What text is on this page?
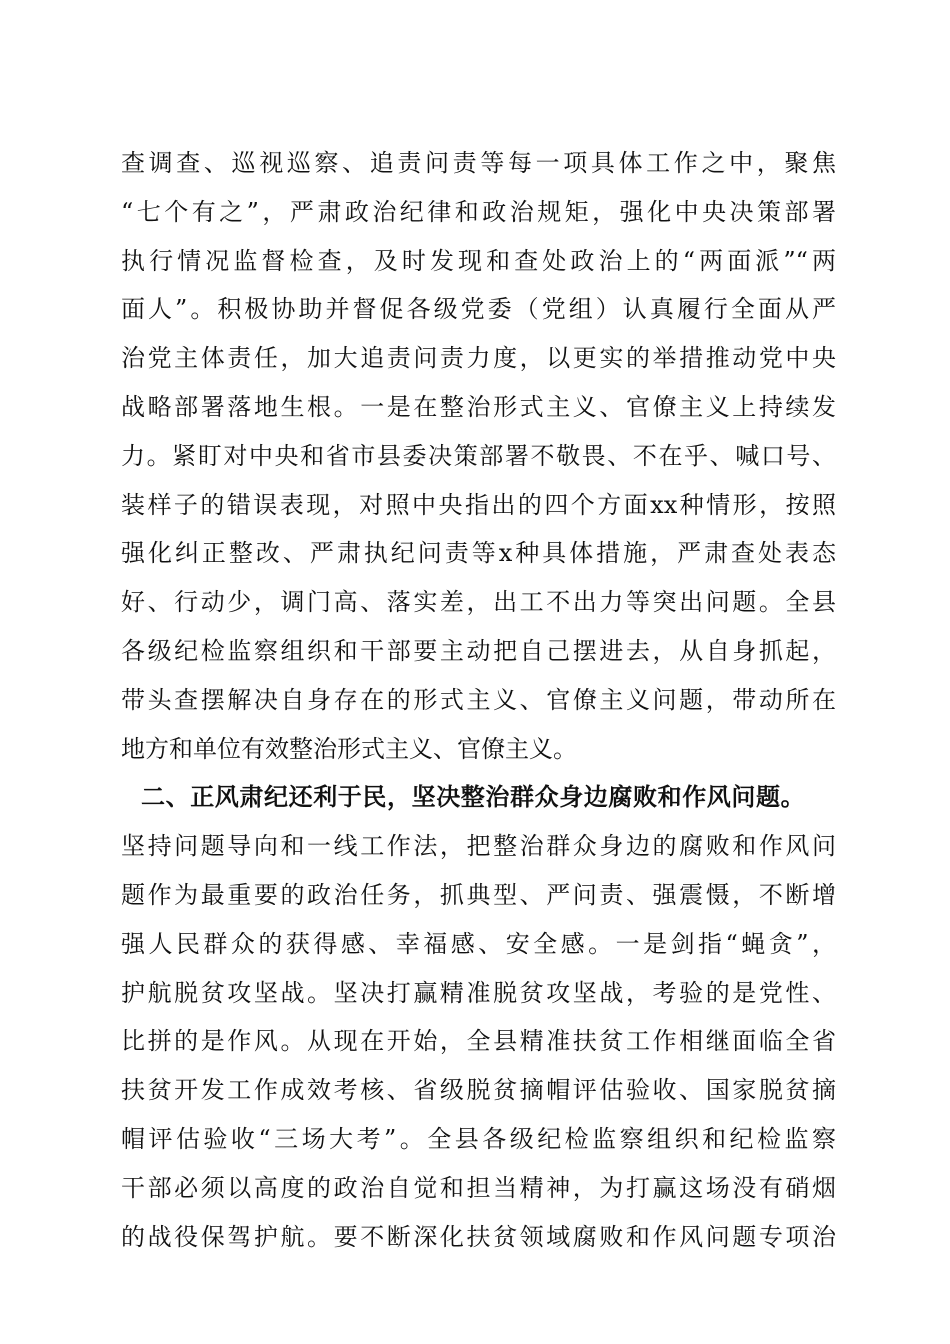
查调查、巡视巡察、追责问责等每一项具体工作之中，聚焦
“七个有之”，严肃政治纪律和政治规矩，强化中央决策部署
执行情况监督检查，及时发现和查处政治上的“两面派”“两
面人”。积极协助并督促各级党委（党组）认真履行全面从严
治党主体责任，加大追责问责力度，以更实的举措推动党中央
战略部署落地生根。一是在整治形式主义、官僚主义上持续发
力。紧盯对中央和省市县委决策部署不敬畏、不在乎、喊口号、
装样子的错误表现，对照中央指出的四个方面xx种情形，按照
强化纠正整改、严肃执纪问责等x种具体措施，严肃查处表态
好、行动少，调门高、落实差，出工不出力等突出问题。全县
各级纪检监察组织和干部要主动把自己摆进去，从自身抓起，
带头查摆解决自身存在的形式主义、官僚主义问题，带动所在
地方和单位有效整治形式主义、官僚主义。
二、正风肃纪还利于民，坚决整治群众身边腐败和作风问题。
坚持问题导向和一线工作法，把整治群众身边的腐败和作风问
题作为最重要的政治任务，抓典型、严问责、强震慑，不断增
强人民群众的获得感、幸福感、安全感。一是剑指“蝇贪”，
护航脱贫攻坚战。坚决打赢精准脱贫攻坚战，考验的是党性、
比拼的是作风。从现在开始，全县精准扶贫工作相继面临全省
扶贫开发工作成效考核、省级脱贫摘帽评估验收、国家脱贫摘
帽评估验收“三场大考”。全县各级纪检监察组织和纪检监察
干部必须以高度的政治自觉和担当精神，为打赢这场没有硝烟
的战役保驾护航。要不断深化扶贫领域腐败和作风问题专项治
